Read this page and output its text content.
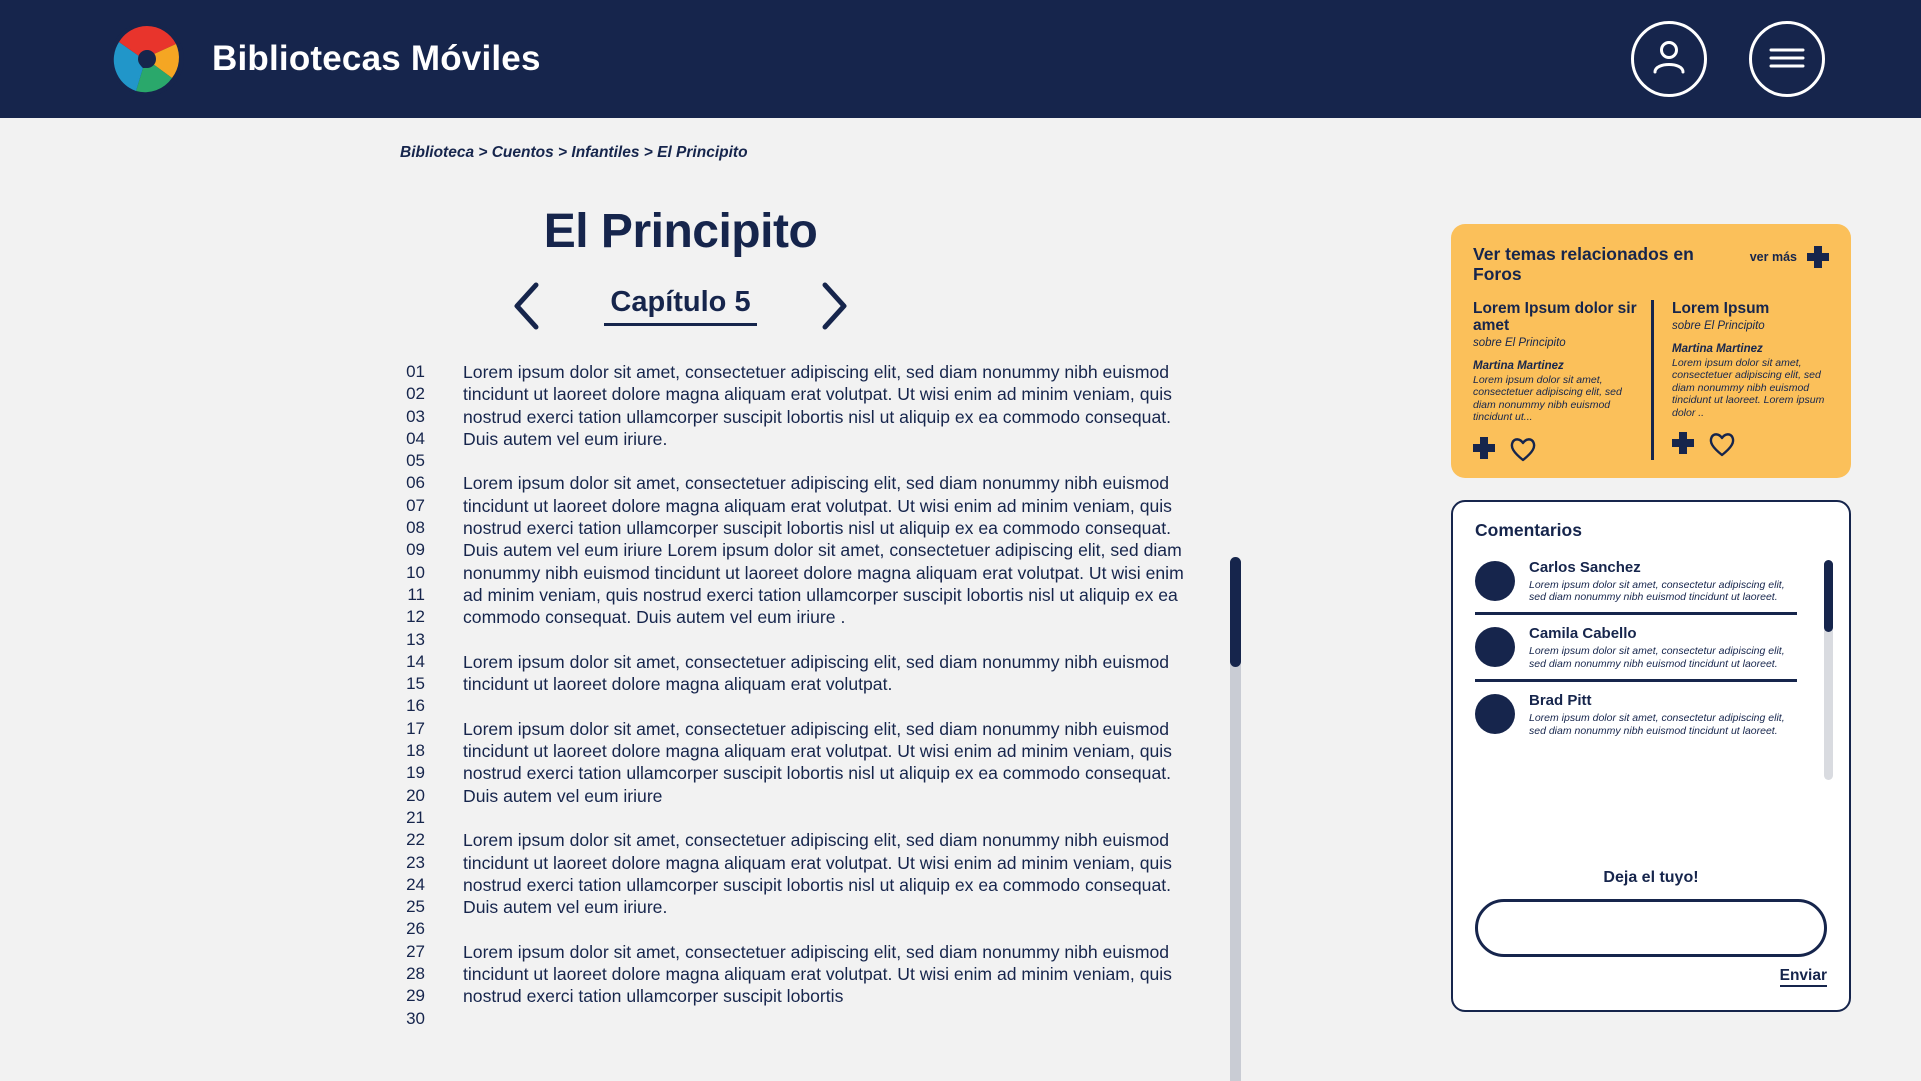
Bibliotecas Móviles
Biblioteca > Cuentos > Infantiles > El Principito
El Principito
Capítulo 5
01
02
03
04
05
06
07
08
09
10
11
12
13
14
15
16
17
18
19
20
21
22
23
24
25
26
27
28
29
30

Lorem ipsum dolor sit amet, consectetuer adipiscing elit, sed diam nonummy nibh euismod tincidunt ut laoreet dolore magna aliquam erat volutpat. Ut wisi enim ad minim veniam, quis nostrud exerci tation ullamcorper suscipit lobortis nisl ut aliquip ex ea commodo consequat. Duis autem vel eum iriure.

Lorem ipsum dolor sit amet, consectetuer adipiscing elit, sed diam nonummy nibh euismod tincidunt ut laoreet dolore magna aliquam erat volutpat. Ut wisi enim ad minim veniam, quis nostrud exerci tation ullamcorper suscipit lobortis nisl ut aliquip ex ea commodo consequat. Duis autem vel eum iriure Lorem ipsum dolor sit amet, consectetuer adipiscing elit, sed diam nonummy nibh euismod tincidunt ut laoreet dolore magna aliquam erat volutpat. Ut wisi enim ad minim veniam, quis nostrud exerci tation ullamcorper suscipit lobortis nisl ut aliquip ex ea commodo consequat. Duis autem vel eum iriure .

Lorem ipsum dolor sit amet, consectetuer adipiscing elit, sed diam nonummy nibh euismod tincidunt ut laoreet dolore magna aliquam erat volutpat.

Lorem ipsum dolor sit amet, consectetuer adipiscing elit, sed diam nonummy nibh euismod tincidunt ut laoreet dolore magna aliquam erat volutpat. Ut wisi enim ad minim veniam, quis nostrud exerci tation ullamcorper suscipit lobortis nisl ut aliquip ex ea commodo consequat. Duis autem vel eum iriure

Lorem ipsum dolor sit amet, consectetuer adipiscing elit, sed diam nonummy nibh euismod tincidunt ut laoreet dolore magna aliquam erat volutpat. Ut wisi enim ad minim veniam, quis nostrud exerci tation ullamcorper suscipit lobortis nisl ut aliquip ex ea commodo consequat. Duis autem vel eum iriure.

Lorem ipsum dolor sit amet, consectetuer adipiscing elit, sed diam nonummy nibh euismod tincidunt ut laoreet dolore magna aliquam erat volutpat. Ut wisi enim ad minim veniam, quis nostrud exerci tation ullamcorper suscipit lobortis

Ver temas relacionados en Foros
ver más
Lorem Ipsum dolor sir amet
sobre El Principito
Martina Martinez
Lorem ipsum dolor sit amet, consectetuer adipiscing elit, sed diam nonummy nibh euismod tincidunt ut...
Lorem Ipsum
sobre El Principito
Martina Martinez
Lorem ipsum dolor sit amet, consectetuer adipiscing elit, sed diam nonummy nibh euismod tincidunt ut laoreet. Lorem ipsum dolor ..
Comentarios
Carlos Sanchez
Lorem ipsum dolor sit amet, consectetur adipiscing elit, sed diam nonummy nibh euismod tincidunt ut laoreet.
Camila Cabello
Lorem ipsum dolor sit amet, consectetur adipiscing elit, sed diam nonummy nibh euismod tincidunt ut laoreet.
Brad Pitt
Lorem ipsum dolor sit amet, consectetur adipiscing elit, sed diam nonummy nibh euismod tincidunt ut laoreet.
Deja el tuyo!
Enviar
